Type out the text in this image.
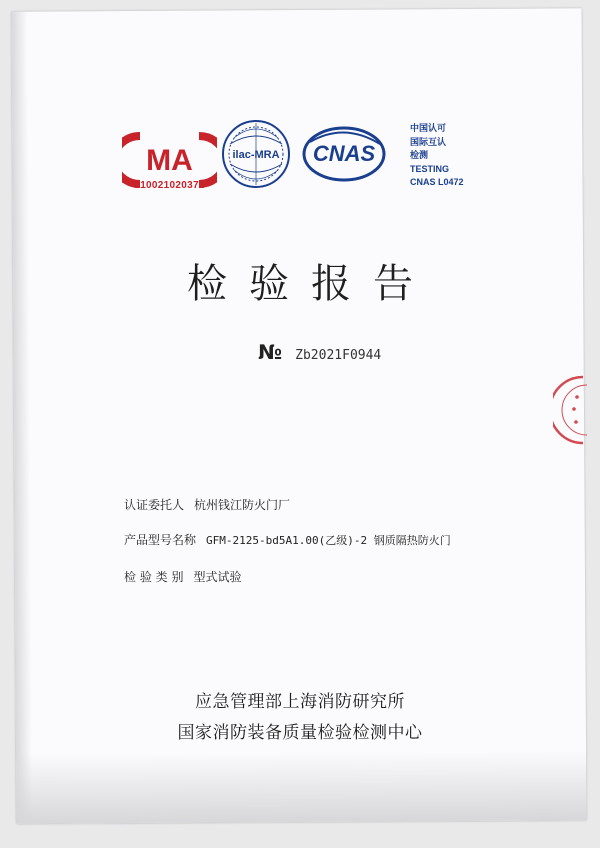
MA
210021020372
ilac-MRA CNAS
中国认可
国际互认
检测
TESTING
CNAS L0472
检验报告
№ Zb2021F0944
认证委托人 杭州钱江防火门厂
产品型号名称 GFM-2125-bd5A1.00(乙级)-2 钢质隔热防火门
检 验 类 别 型式试验
应急管理部上海消防研究所
国家消防装备质量检验检测中心
